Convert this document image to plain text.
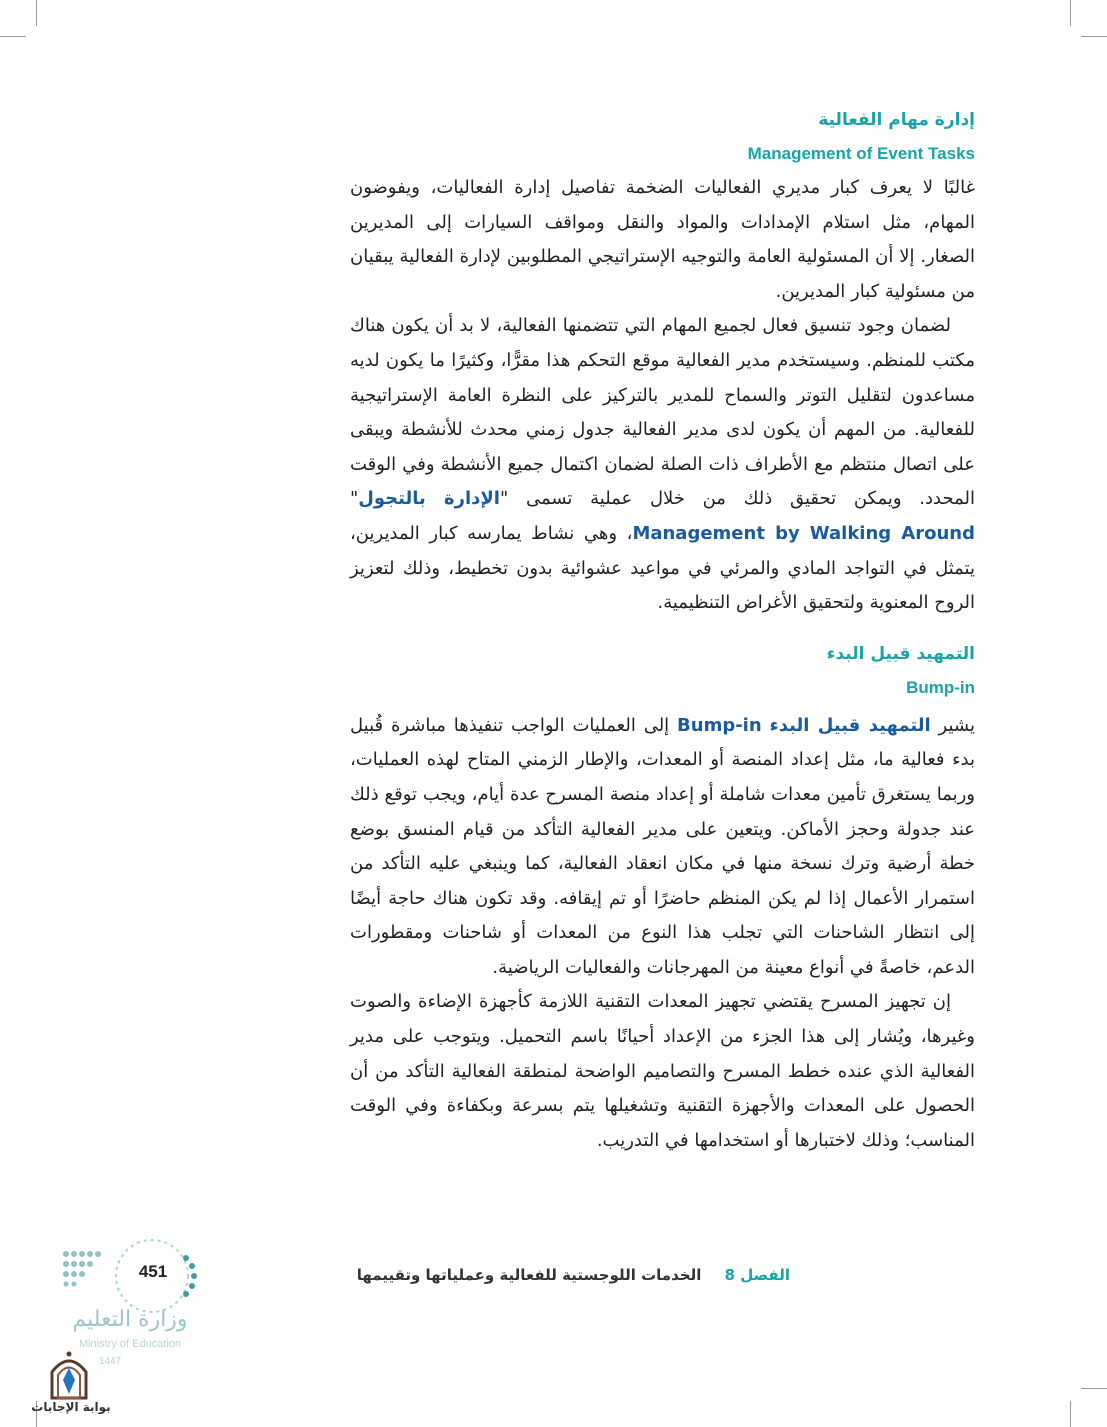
إدارة مهام الفعالية
Management of Event Tasks

غالبًا لا يعرف كبار مديري الفعاليات الضخمة تفاصيل إدارة الفعاليات، ويفوضون المهام، مثل استلام الإمدادات والمواد والنقل ومواقف السيارات إلى المديرين الصغار. إلا أن المسئولية العامة والتوجيه الإستراتيجي المطلوبين لإدارة الفعالية يبقيان من مسئولية كبار المديرين.

لضمان وجود تنسيق فعال لجميع المهام التي تتضمنها الفعالية، لا بد أن يكون هناك مكتب للمنظم. وسيستخدم مدير الفعالية موقع التحكم هذا مقرًّا، وكثيرًا ما يكون لديه مساعدون لتقليل التوتر والسماح للمدير بالتركيز على النظرة العامة الإستراتيجية للفعالية. من المهم أن يكون لدى مدير الفعالية جدول زمني محدث للأنشطة ويبقى على اتصال منتظم مع الأطراف ذات الصلة لضمان اكتمال جميع الأنشطة وفي الوقت المحدد. ويمكن تحقيق ذلك من خلال عملية تسمى "الإدارة بالتجول" Management by Walking Around، وهي نشاط يمارسه كبار المديرين، يتمثل في التواجد المادي والمرئي في مواعيد عشوائية بدون تخطيط، وذلك لتعزيز الروح المعنوية ولتحقيق الأغراض التنظيمية.

التمهيد قبيل البدء
Bump-in

يشير التمهيد قبيل البدء Bump-in إلى العمليات الواجب تنفيذها مباشرة قُبيل بدء فعالية ما، مثل إعداد المنصة أو المعدات، والإطار الزمني المتاح لهذه العمليات، وربما يستغرق تأمين معدات شاملة أو إعداد منصة المسرح عدة أيام، ويجب توقع ذلك عند جدولة وحجز الأماكن. ويتعين على مدير الفعالية التأكد من قيام المنسق بوضع خطة أرضية وترك نسخة منها في مكان انعقاد الفعالية، كما وينبغي عليه التأكد من استمرار الأعمال إذا لم يكن المنظم حاضرًا أو تم إيقافه. وقد تكون هناك حاجة أيضًا إلى انتظار الشاحنات التي تجلب هذا النوع من المعدات أو شاحنات ومقطورات الدعم، خاصةً في أنواع معينة من المهرجانات والفعاليات الرياضية.

إن تجهيز المسرح يقتضي تجهيز المعدات التقنية اللازمة كأجهزة الإضاءة والصوت وغيرها، ويُشار إلى هذا الجزء من الإعداد أحيانًا باسم التحميل. ويتوجب على مدير الفعالية الذي عنده خطط المسرح والتصاميم الواضحة لمنطقة الفعالية التأكد من أن الحصول على المعدات والأجهزة التقنية وتشغيلها يتم بسرعة وبكفاءة وفي الوقت المناسب؛ وذلك لاختبارها أو استخدامها في التدريب.

الفصل 8 الخدمات اللوجستية للفعالية وعملياتها وتقييمها
451
وزارة التعليم
Ministry of Education
1447
بوابة الإجابات
